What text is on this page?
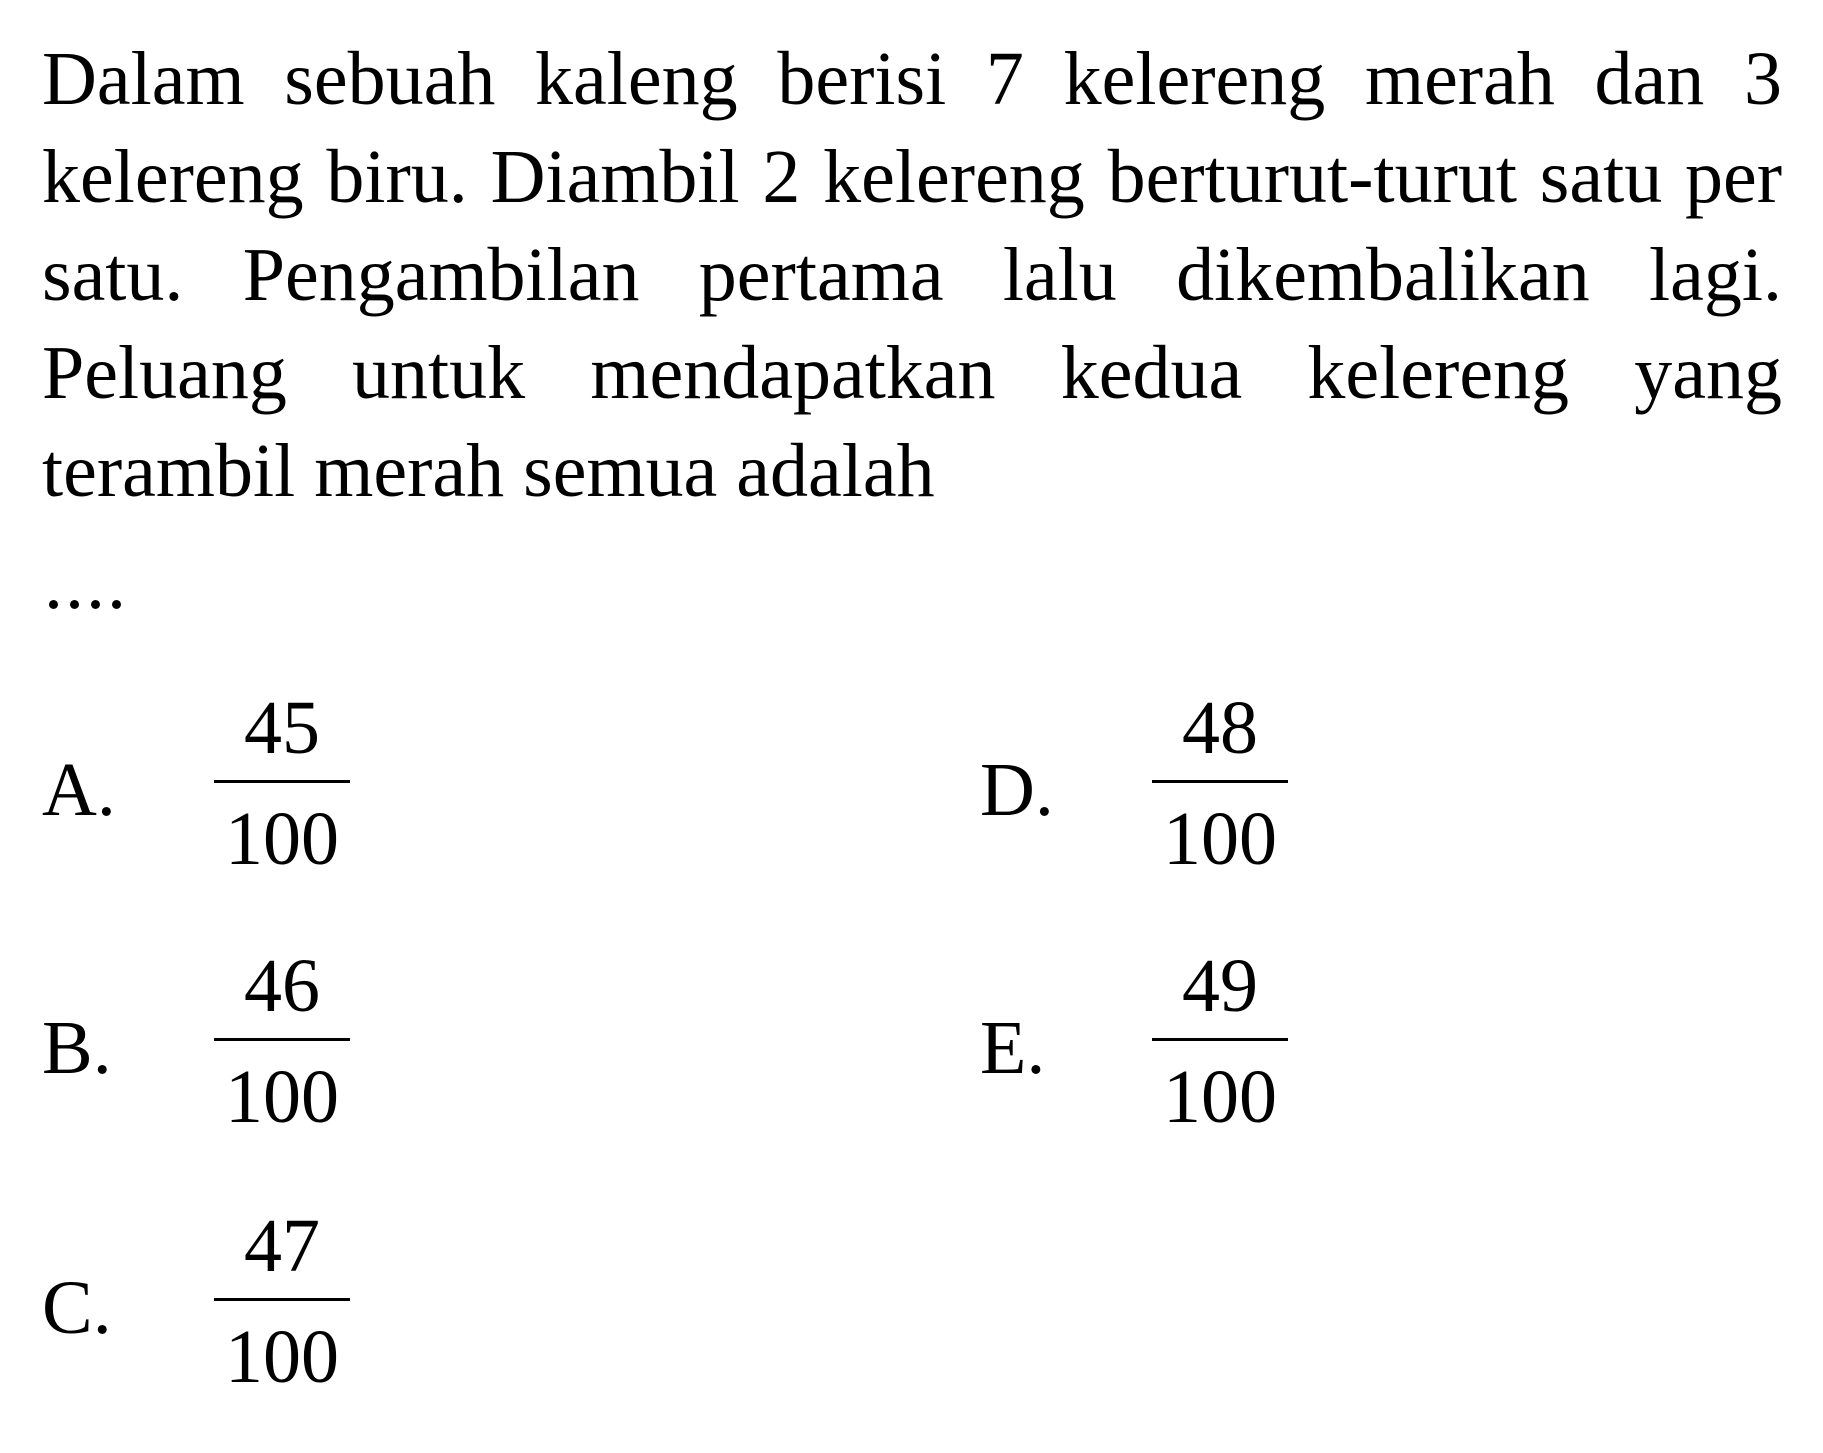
Dalam sebuah kaleng berisi 7 kelereng merah dan 3 kelereng biru. Diambil 2 kelereng berturut-turut satu per satu. Pengambilan pertama lalu dikembalikan lagi. Peluang untuk mendapatkan kedua kelereng yang terambil merah semua adalah

....
A.
45
100
B.
46
100
C.
47
100
D.
48
100
E.
49
100
